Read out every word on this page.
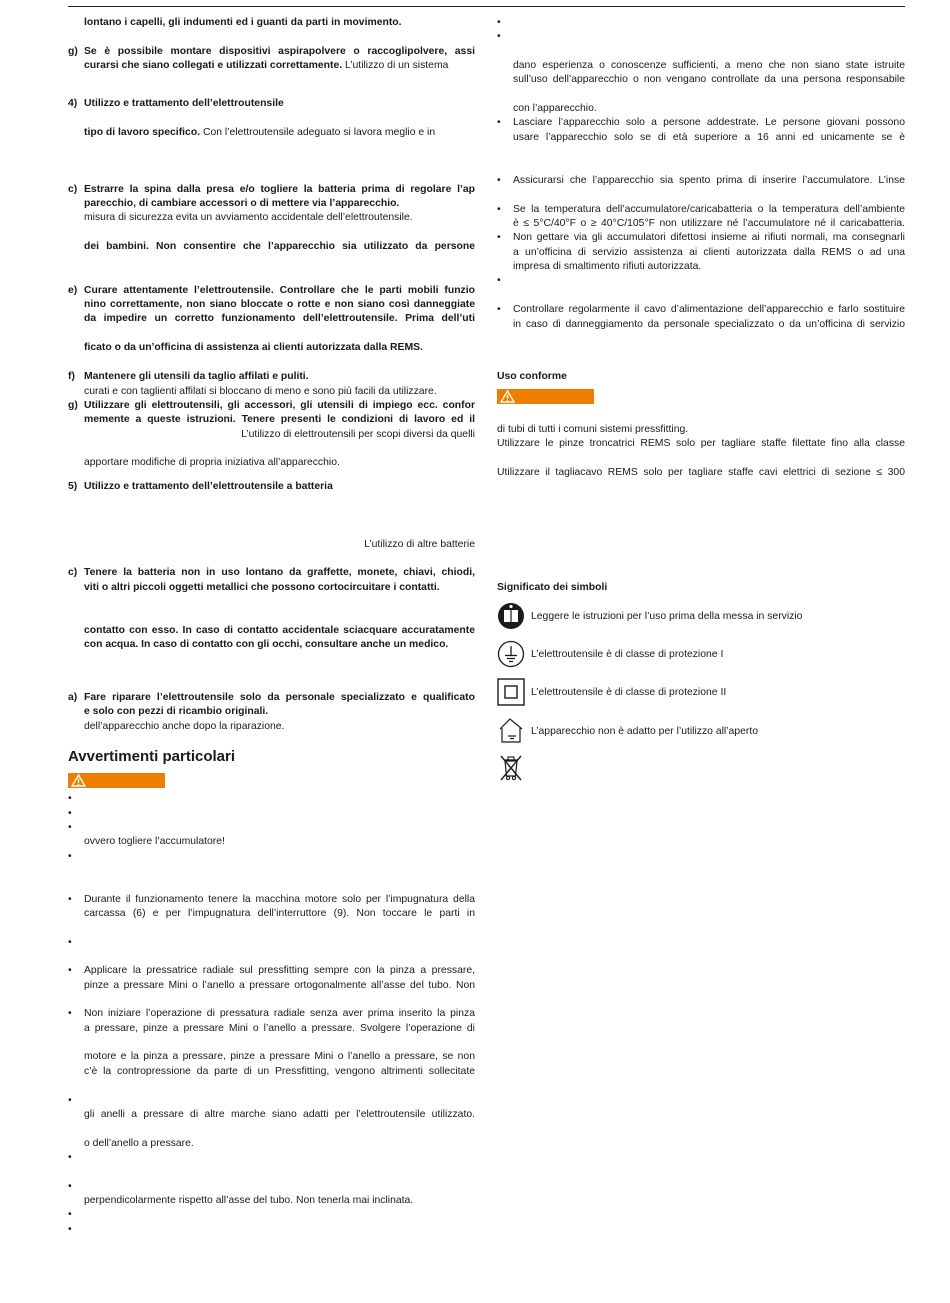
lontano i capelli, gli indumenti ed i guanti da parti in movimento.
g) Se è possibile montare dispositivi aspirapolvere o raccoglipolvere, assi
curarsi che siano collegati e utilizzati correttamente. L’utilizzo di un sistema
4) Utilizzo e trattamento dell’elettroutensile
tipo di lavoro specifico. Con l’elettroutensile adeguato si lavora meglio e in
c) Estrarre la spina dalla presa e/o togliere la batteria prima di regolare l’ap
parecchio, di cambiare accessori o di mettere via l’apparecchio.
misura di sicurezza evita un avviamento accidentale dell’elettroutensile.
dei bambini. Non consentire che l’apparecchio sia utilizzato da persone
e) Curare attentamente l’elettroutensile. Controllare che le parti mobili funzio
nino correttamente, non siano bloccate o rotte e non siano così danneggiate
da impedire un corretto funzionamento dell’elettroutensile. Prima dell’uti
ficato o da un’officina di assistenza ai clienti autorizzata dalla REMS.
f) Mantenere gli utensili da taglio affilati e puliti.
curati e con taglienti affilati si bloccano di meno e sono più facili da utilizzare.
g) Utilizzare gli elettroutensili, gli accessori, gli utensili di impiego ecc. confor
memente a queste istruzioni. Tenere presenti le condizioni di lavoro ed il
L’utilizzo di elettroutensili per scopi diversi da quelli
apportare modifiche di propria iniziativa all’apparecchio.
5) Utilizzo e trattamento dell’elettroutensile a batteria
L’utilizzo di altre batterie
c) Tenere la batteria non in uso lontano da graffette, monete, chiavi, chiodi,
viti o altri piccoli oggetti metallici che possono cortocircuitare i contatti.
contatto con esso. In caso di contatto accidentale sciacquare accuratamente
con acqua. In caso di contatto con gli occhi, consultare anche un medico.
a) Fare riparare l’elettroutensile solo da personale specializzato e qualificato
e solo con pezzi di ricambio originali.
dell’apparecchio anche dopo la riparazione.
Avvertimenti particolari
•
•
•
ovvero togliere l’accumulatore!
•
• Durante il funzionamento tenere la macchina motore solo per l’impugnatura della
carcassa (6) e per l’impugnatura dell’interruttore (9). Non toccare le parti in
•
• Applicare la pressatrice radiale sul pressfitting sempre con la pinza a pressare,
pinze a pressare Mini o l’anello a pressare ortogonalmente all’asse del tubo. Non
• Non iniziare l’operazione di pressatura radiale senza aver prima inserito la pinza
a pressare, pinze a pressare Mini o l’anello a pressare. Svolgere l’operazione di
motore e la pinza a pressare, pinze a pressare Mini o l’anello a pressare, se non
c’è la contropressione da parte di un Pressfitting, vengono altrimenti sollecitate
•
gli anelli a pressare di altre marche siano adatti per l’elettroutensile utilizzato.
o dell’anello a pressare.
•
•
perpendicolarmente rispetto all’asse del tubo. Non tenerla mai inclinata.
•
•
•
•
dano esperienza o conoscenze sufficienti, a meno che non siano state istruite
sull’uso dell’apparecchio o non vengano controllate da una persona responsabile
con l’apparecchio.
• Lasciare l’apparecchio solo a persone addestrate. Le persone giovani possono
usare l’apparecchio solo se di età superiore a 16 anni ed unicamente se è
• Assicurarsi che l’apparecchio sia spento prima di inserire l’accumulatore. L’inse
• Se la temperatura dell’accumulatore/caricabatteria o la temperatura dell’ambiente
è ≤ 5°C/40°F o ≥ 40°C/105°F non utilizzare né l’accumulatore né il caricabatteria.
• Non gettare via gli accumulatori difettosi insieme ai rifiuti normali, ma consegnarli
a un’officina di servizio assistenza ai clienti autorizzata dalla REMS o ad una
impresa di smaltimento rifiuti autorizzata.
•
• Controllare regolarmente il cavo d’alimentazione dell’apparecchio e farlo sostituire
in caso di danneggiamento da personale specializzato o da un’officina di servizio
Uso conforme
di tubi di tutti i comuni sistemi pressfitting.
Utilizzare le pinze troncatrici REMS solo per tagliare staffe filettate fino alla classe
Utilizzare il tagliacavo REMS solo per tagliare staffe cavi elettrici di sezione ≤ 300
Significato dei simboli
Leggere le istruzioni per l’uso prima della messa in servizio
L’elettroutensile è di classe di protezione I
L’elettroutensile è di classe di protezione II
L’apparecchio non è adatto per l’utilizzo all’aperto
